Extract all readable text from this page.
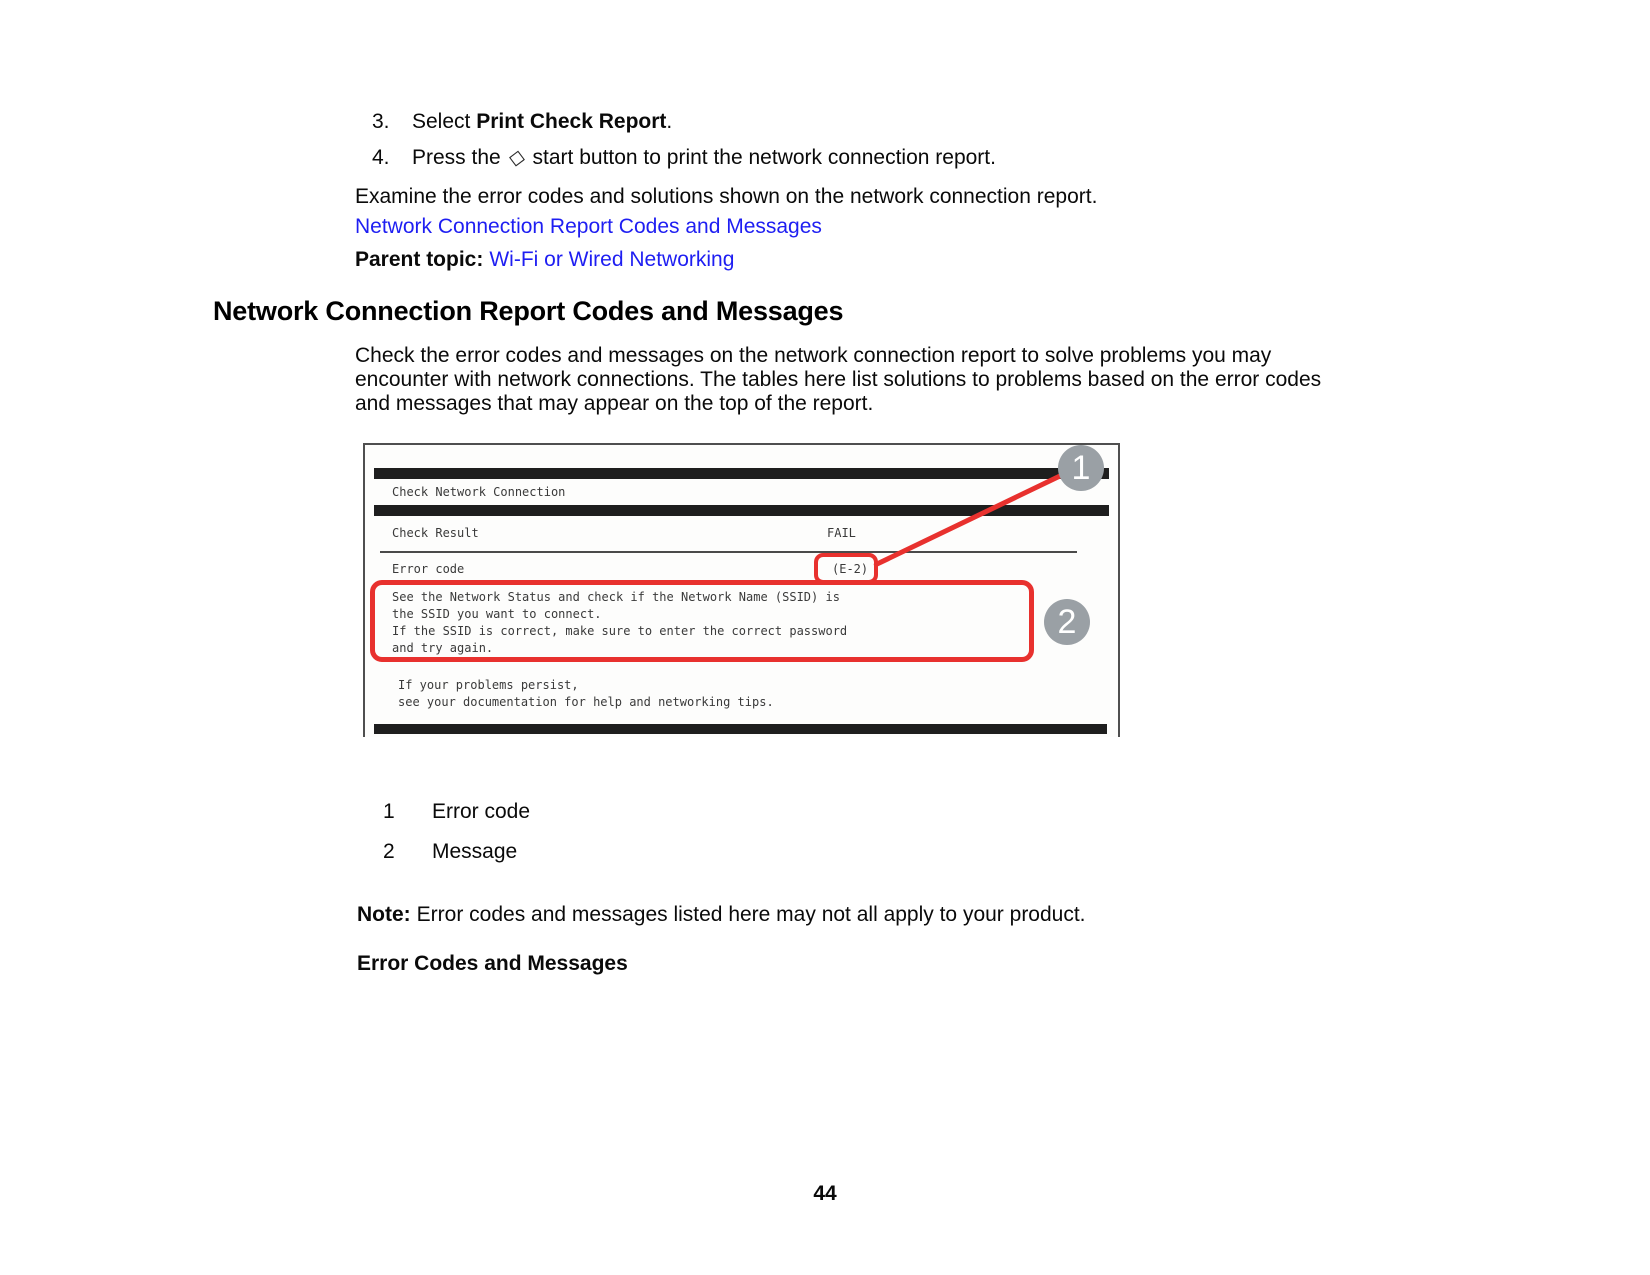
3. Select Print Check Report.
4. Press the ◇ start button to print the network connection report.
Examine the error codes and solutions shown on the network connection report.
Network Connection Report Codes and Messages
Parent topic: Wi-Fi or Wired Networking
Network Connection Report Codes and Messages
Check the error codes and messages on the network connection report to solve problems you may
encounter with network connections. The tables here list solutions to problems based on the error codes
and messages that may appear on the top of the report.
Check Network Connection
Check Result	FAIL
Error code	(E-2)
See the Network Status and check if the Network Name (SSID) is
the SSID you want to connect.
If the SSID is correct, make sure to enter the correct password
and try again.
If your problems persist,
see your documentation for help and networking tips.
1
2
1 Error code
2 Message
Note: Error codes and messages listed here may not all apply to your product.
Error Codes and Messages
44
